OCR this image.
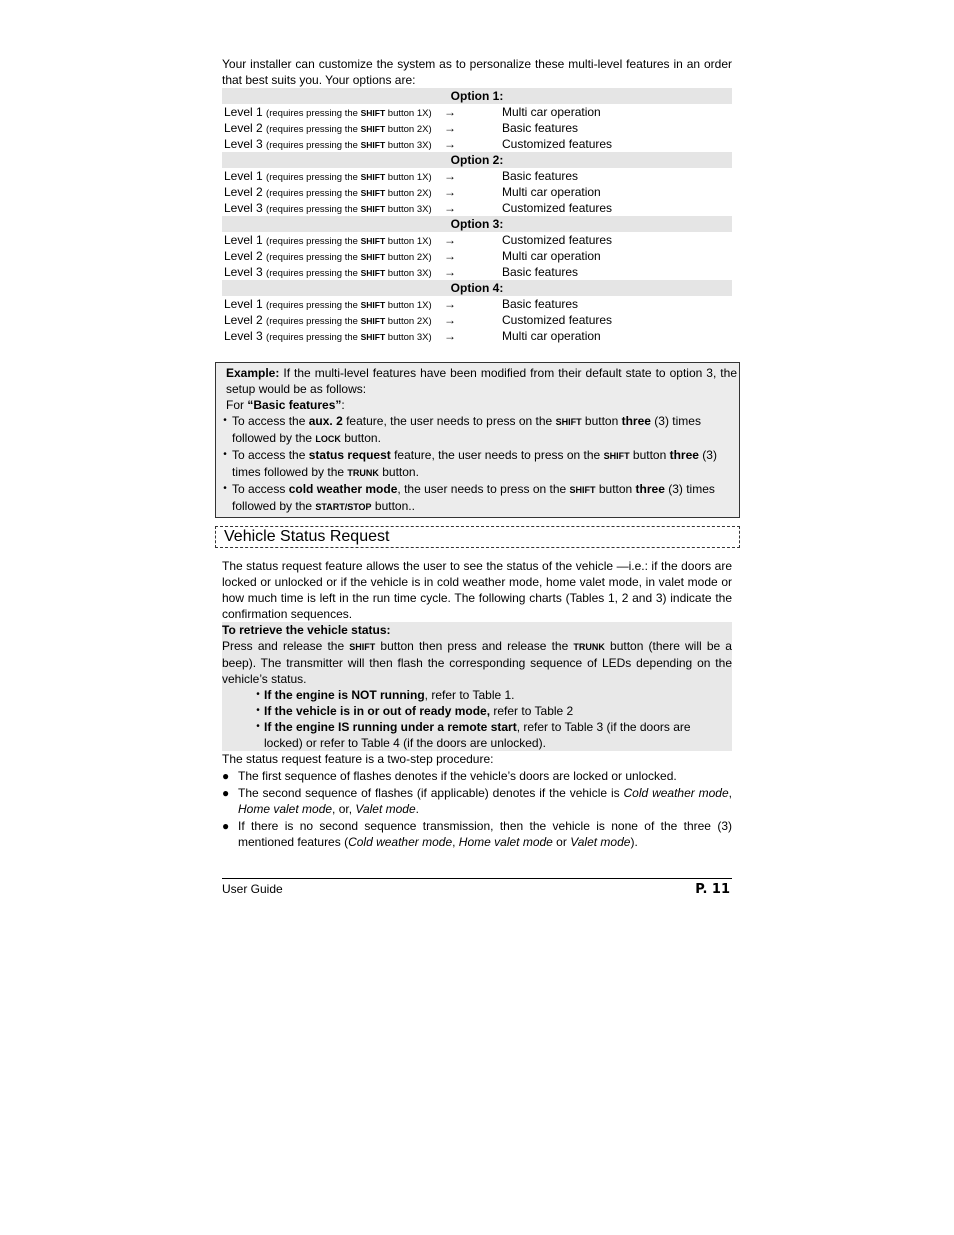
Your installer can customize the system as to personalize these multi-level features in an order that best suits you. Your options are:

Option 1:
Level 1 (requires pressing the SHIFT button 1X)	→	Multi car operation
Level 2 (requires pressing the SHIFT button 2X)	→	Basic features
Level 3 (requires pressing the SHIFT button 3X)	→	Customized features
Option 2:
Level 1 (requires pressing the SHIFT button 1X)	→	Basic features
Level 2 (requires pressing the SHIFT button 2X)	→	Multi car operation
Level 3 (requires pressing the SHIFT button 3X)	→	Customized features
Option 3:
Level 1 (requires pressing the SHIFT button 1X)	→	Customized features
Level 2 (requires pressing the SHIFT button 2X)	→	Multi car operation
Level 3 (requires pressing the SHIFT button 3X)	→	Basic features
Option 4:
Level 1 (requires pressing the SHIFT button 1X)	→	Basic features
Level 2 (requires pressing the SHIFT button 2X)	→	Customized features
Level 3 (requires pressing the SHIFT button 3X)	→	Multi car operation

Example: If the multi-level features have been modified from their default state to option 3, the setup would be as follows:

For “Basic features”:

• To access the aux. 2 feature, the user needs to press on the SHIFT button three (3) times followed by the LOCK button.
• To access the status request feature, the user needs to press on the SHIFT button three (3) times followed by the TRUNK button.
• To access cold weather mode, the user needs to press on the SHIFT button three (3) times followed by the START/STOP button..
Vehicle Status Request

The status request feature allows the user to see the status of the vehicle —i.e.: if the doors are locked or unlocked or if the vehicle is in cold weather mode, home valet mode, in valet mode or how much time is left in the run time cycle. The following charts (Tables 1, 2 and 3) indicate the confirmation sequences.

To retrieve the vehicle status:

Press and release the SHIFT button then press and release the TRUNK button (there will be a beep). The transmitter will then flash the corresponding sequence of LEDs depending on the vehicle’s status.

• If the engine is NOT running, refer to Table 1.
• If the vehicle is in or out of ready mode, refer to Table 2
• If the engine IS running under a remote start, refer to Table 3 (if the doors are locked) or refer to Table 4 (if the doors are unlocked).

The status request feature is a two-step procedure:

● The first sequence of flashes denotes if the vehicle’s doors are locked or unlocked.
● The second sequence of flashes (if applicable) denotes if the vehicle is Cold weather mode, Home valet mode, or, Valet mode.
● If there is no second sequence transmission, then the vehicle is none of the three (3) mentioned features (Cold weather mode, Home valet mode or Valet mode).
User Guide	P. 11
